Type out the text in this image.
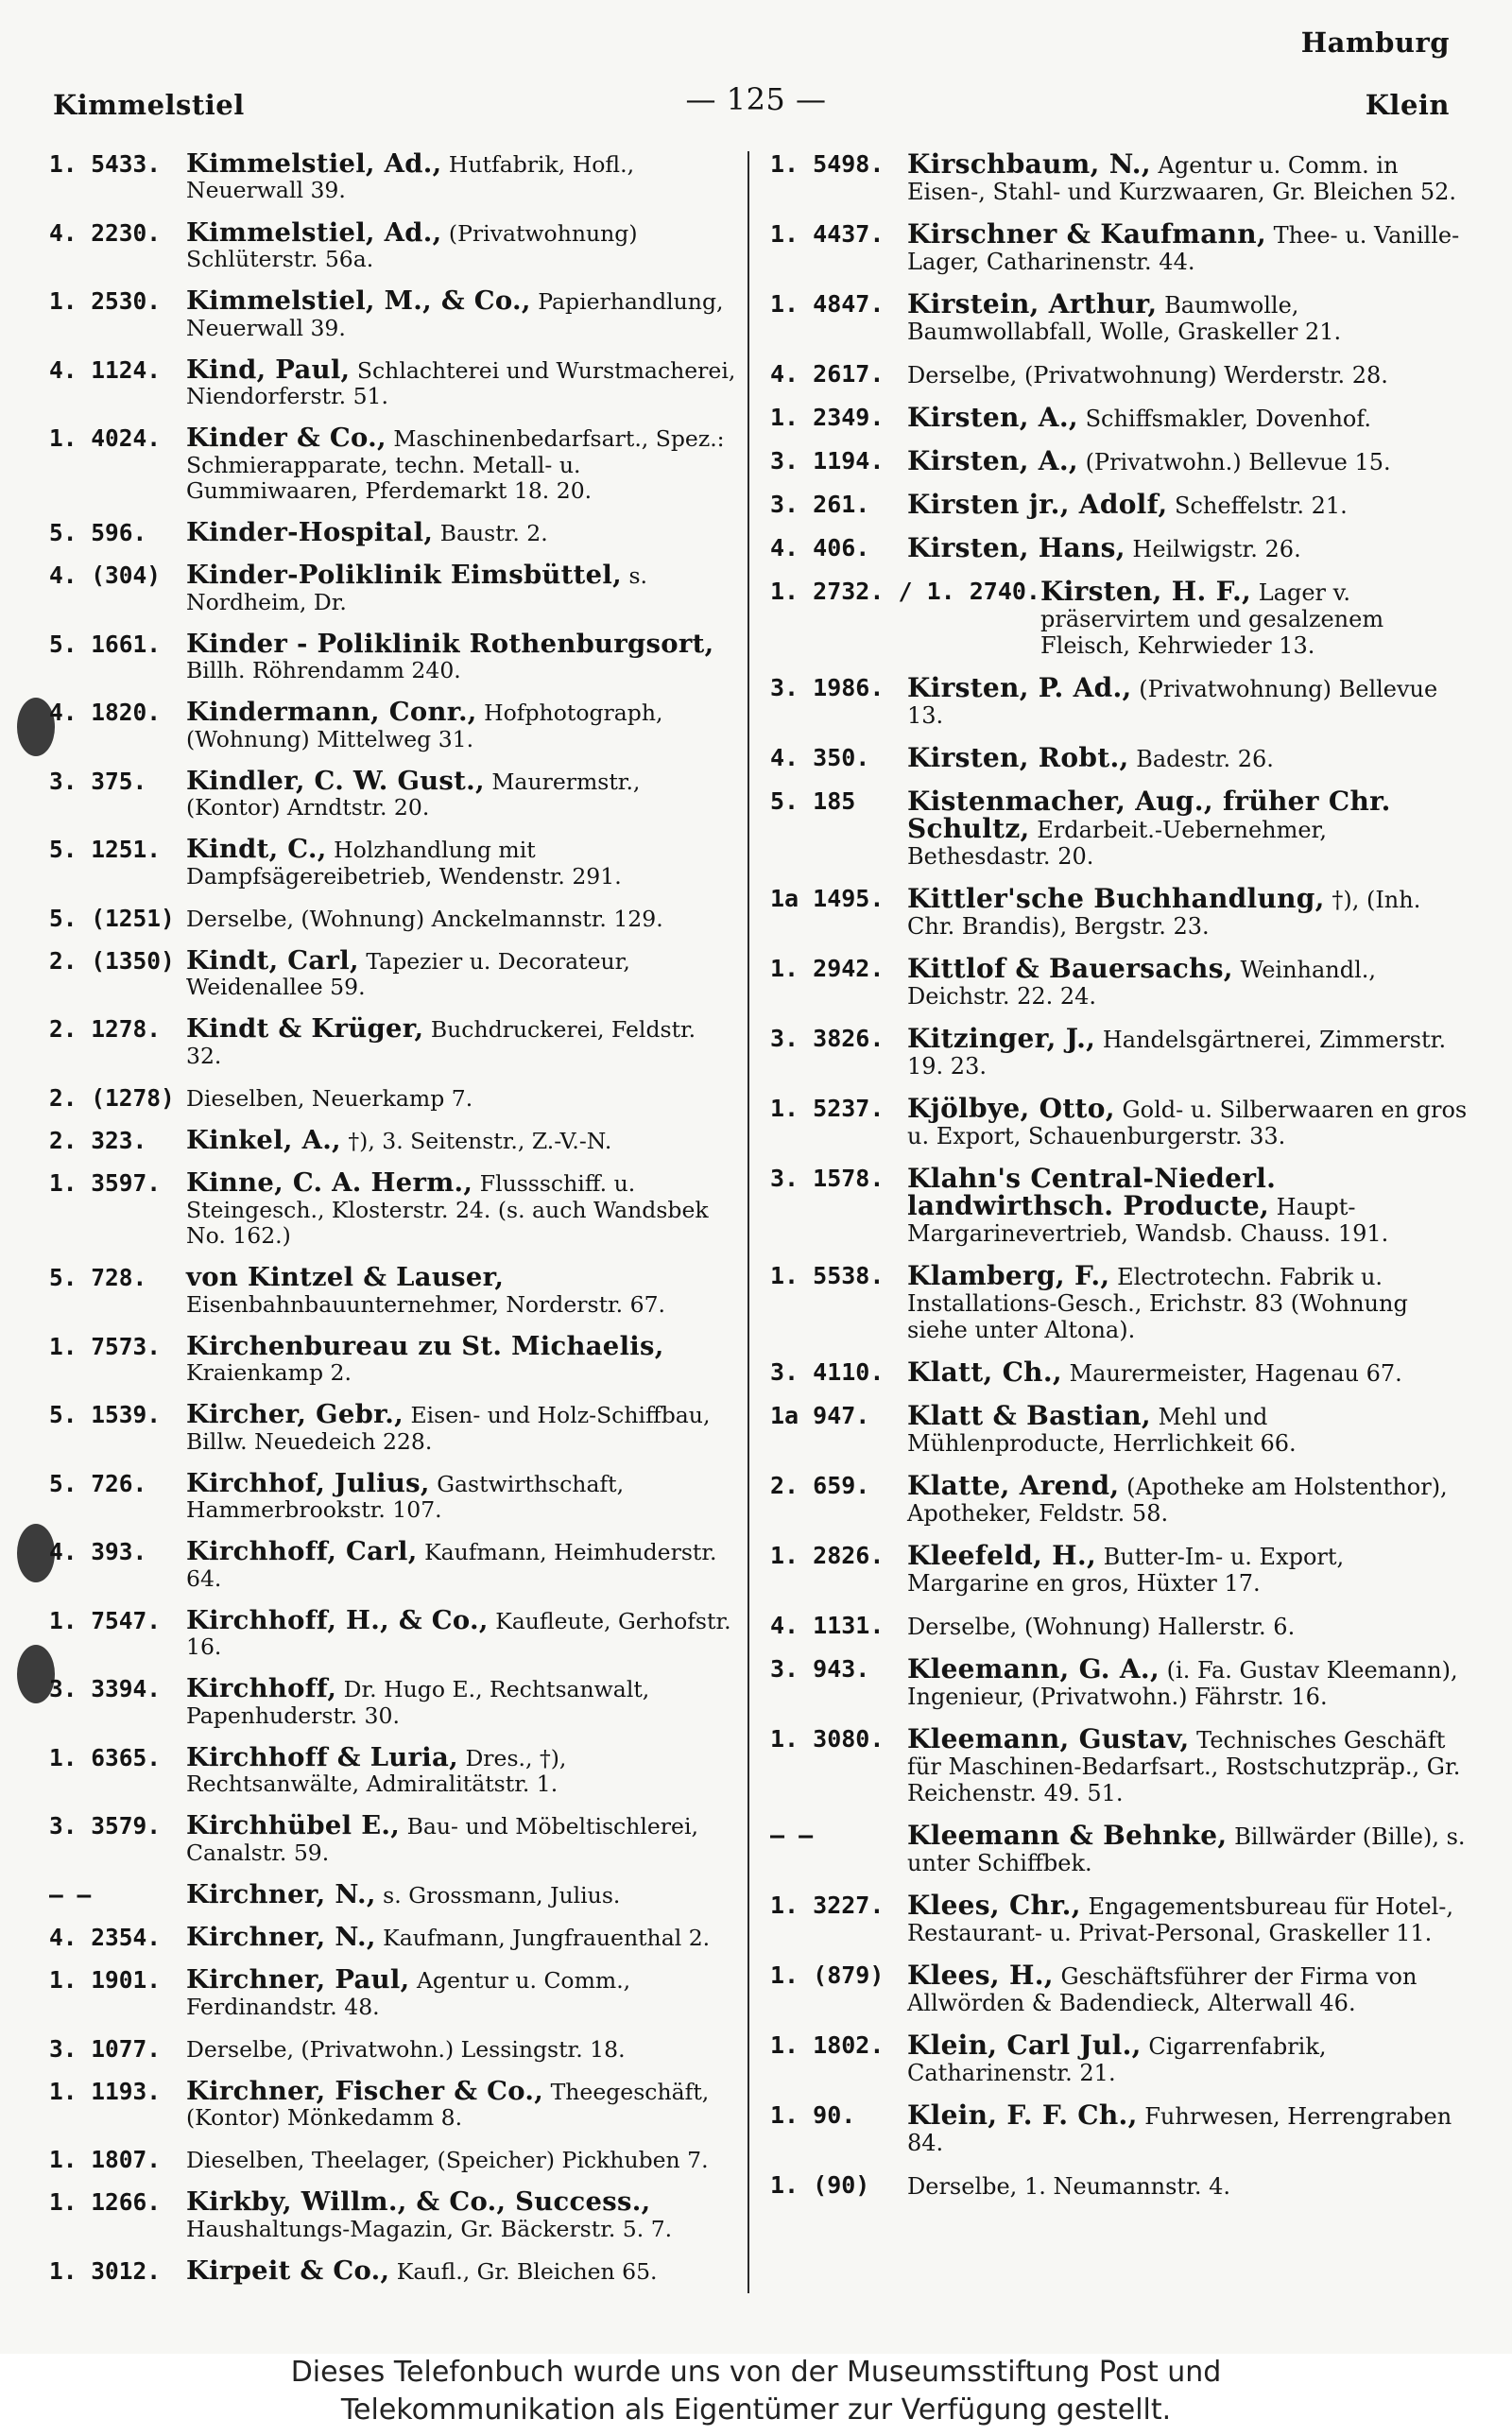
Hamburg
Kimmelstiel	— 125 —	Klein
1. 5433. Kimmelstiel, Ad., Hutfabrik, Hofl., Neuerwall 39.
4. 2230. Kimmelstiel, Ad., (Privatwohnung) Schlüterstr. 56a.
1. 2530. Kimmelstiel, M., & Co., Papierhandlung, Neuerwall 39.
4. 1124. Kind, Paul, Schlachterei und Wurstmacherei, Niendorferstr. 51.
1. 4024. Kinder & Co., Maschinenbedarfsart., Spez.: Schmierapparate, techn. Metall- u. Gummiwaaren, Pferdemarkt 18. 20.
5. 596.	Kinder-Hospital, Baustr. 2.
4. (304) Kinder-Poliklinik Eimsbüttel, s. Nordheim, Dr.
5. 1661. Kinder - Poliklinik Rothenburgsort, Billh. Röhrendamm 240.
4. 1820. Kindermann, Conr., Hofphotograph, (Wohnung) Mittelweg 31.
3. 375.	Kindler, C. W. Gust., Maurermstr., (Kontor) Arndtstr. 20.
5. 1251. Kindt, C., Holzhandlung mit Dampfsägereibetrieb, Wendenstr. 291.
5. (1251) Derselbe, (Wohnung) Anckelmannstr. 129.
2. (1350) Kindt, Carl, Tapezier u. Decorateur, Weidenallee 59.
2. 1278. Kindt & Krüger, Buchdruckerei, Feldstr. 32.
2. (1278) Dieselben, Neuerkamp 7.
2. 323.	Kinkel, A., †), 3. Seitenstr., Z.-V.-N.
1. 3597. Kinne, C. A. Herm., Flussschiff. u. Steingesch., Klosterstr. 24. (s. auch Wandsbek No. 162.)
5. 728.	von Kintzel & Lauser, Eisenbahnbauunternehmer, Norderstr. 67.
1. 7573. Kirchenbureau zu St. Michaelis, Kraienkamp 2.
5. 1539. Kircher, Gebr., Eisen- und Holz-Schiffbau, Billw. Neuedeich 228.
5. 726.	Kirchhof, Julius, Gastwirthschaft, Hammerbrookstr. 107.
4. 393.	Kirchhoff, Carl, Kaufmann, Heimhuderstr. 64.
1. 7547. Kirchhoff, H., & Co., Kaufleute, Gerhofstr. 16.
3. 3394. Kirchhoff, Dr. Hugo E., Rechtsanwalt, Papenhuderstr. 30.
1. 6365. Kirchhoff & Luria, Dres., †), Rechtsanwälte, Admiralitätstr. 1.
3. 3579. Kirchhübel E., Bau- und Möbeltischlerei, Canalstr. 59.
— —	Kirchner, N., s. Grossmann, Julius.
4. 2354. Kirchner, N., Kaufmann, Jungfrauenthal 2.
1. 1901. Kirchner, Paul, Agentur u. Comm., Ferdinandstr. 48.
3. 1077.	Derselbe, (Privatwohn.) Lessingstr. 18.
1. 1193. Kirchner, Fischer & Co., Theegeschäft, (Kontor) Mönkedamm 8.
1. 1807.	Dieselben, Theelager, (Speicher) Pickhuben 7.
1. 1266. Kirkby, Willm., & Co., Success., Haushaltungs-Magazin, Gr. Bäckerstr. 5. 7.
1. 3012. Kirpeit & Co., Kaufl., Gr. Bleichen 65.
1. 5498. Kirschbaum, N., Agentur u. Comm. in Eisen-, Stahl- und Kurzwaaren, Gr. Bleichen 52.
1. 4437. Kirschner & Kaufmann, Thee- u. Vanille-Lager, Catharinenstr. 44.
1. 4847. Kirstein, Arthur, Baumwolle, Baumwollabfall, Wolle, Graskeller 21.
4. 2617.	Derselbe, (Privatwohnung) Werderstr. 28.
1. 2349. Kirsten, A., Schiffsmakler, Dovenhof.
3. 1194. Kirsten, A., (Privatwohn.) Bellevue 15.
3. 261.	Kirsten jr., Adolf, Scheffelstr. 21.
4. 406.	Kirsten, Hans, Heilwigstr. 26.
1. 2732. / 1. 2740. Kirsten, H. F., Lager v. präservirtem und gesalzenem Fleisch, Kehrwieder 13.
3. 1986. Kirsten, P. Ad., (Privatwohnung) Bellevue 13.
4. 350.	Kirsten, Robt., Badestr. 26.
5. 185	Kistenmacher, Aug., früher Chr. Schultz, Erdarbeit.-Uebernehmer, Bethesdastr. 20.
1a 1495. Kittler'sche Buchhandlung, †), (Inh. Chr. Brandis), Bergstr. 23.
1. 2942. Kittlof & Bauersachs, Weinhandl., Deichstr. 22. 24.
3. 3826. Kitzinger, J., Handelsgärtnerei, Zimmerstr. 19. 23.
1. 5237. Kjölbye, Otto, Gold- u. Silberwaaren en gros u. Export, Schauenburgerstr. 33.
3. 1578. Klahn's Central-Niederl. landwirthsch. Producte, Haupt-Margarinevertrieb, Wandsb. Chauss. 191.
1. 5538. Klamberg, F., Electrotechn. Fabrik u. Installations-Gesch., Erichstr. 83 (Wohnung siehe unter Altona).
3. 4110. Klatt, Ch., Maurermeister, Hagenau 67.
1a 947.	Klatt & Bastian, Mehl und Mühlenproducte, Herrlichkeit 66.
2. 659.	Klatte, Arend, (Apotheke am Holstenthor), Apotheker, Feldstr. 58.
1. 2826. Kleefeld, H., Butter-Im- u. Export, Margarine en gros, Hüxter 17.
4. 1131.	Derselbe, (Wohnung) Hallerstr. 6.
3. 943.	Kleemann, G. A., (i. Fa. Gustav Kleemann), Ingenieur, (Privatwohn.) Fährstr. 16.
1. 3080. Kleemann, Gustav, Technisches Geschäft für Maschinen-Bedarfsart., Rostschutzpräp., Gr. Reichenstr. 49. 51.
— —	Kleemann & Behnke, Billwärder (Bille), s. unter Schiffbek.
1. 3227. Klees, Chr., Engagementsbureau für Hotel-, Restaurant- u. Privat-Personal, Graskeller 11.
1. (879) Klees, H., Geschäftsführer der Firma von Allwörden & Badendieck, Alterwall 46.
1. 1802. Klein, Carl Jul., Cigarrenfabrik, Catharinenstr. 21.
1. 90.	Klein, F. F. Ch., Fuhrwesen, Herrengraben 84.
1. (90)	Derselbe, 1. Neumannstr. 4.
Dieses Telefonbuch wurde uns von der Museumsstiftung Post und
Telekommunikation als Eigentümer zur Verfügung gestellt.
